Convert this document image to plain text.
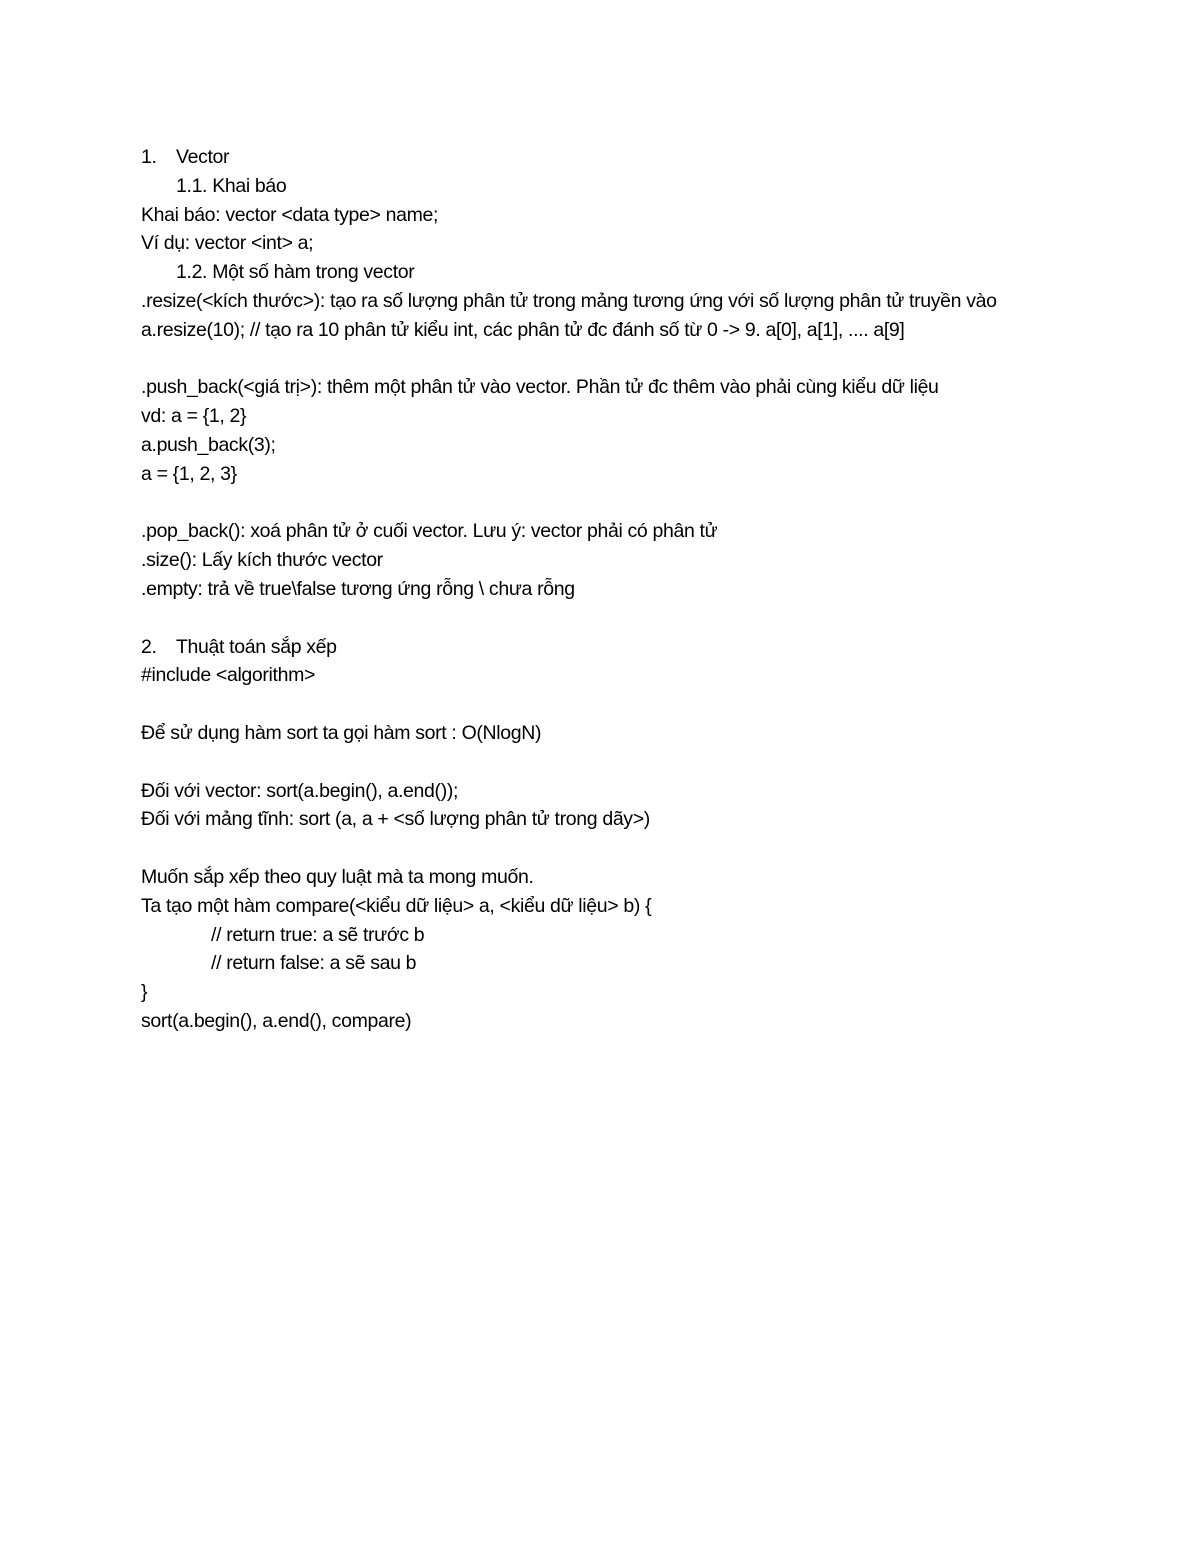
1. Vector
1.1. Khai báo
Khai báo: vector <data type> name;
Ví dụ: vector <int> a;
1.2. Một số hàm trong vector
.resize(<kích thước>): tạo ra số lượng phân tử trong mảng tương ứng với số lượng phân tử truyền vào
a.resize(10); // tạo ra 10 phân tử kiểu int, các phân tử đc đánh số từ 0 -> 9. a[0], a[1], .... a[9]
.push_back(<giá trị>): thêm một phân tử vào vector. Phần tử đc thêm vào phải cùng kiểu dữ liệu
vd: a = {1, 2}
a.push_back(3);
a = {1, 2, 3}
.pop_back(): xoá phân tử ở cuối vector. Lưu ý: vector phải có phân tử
.size(): Lấy kích thước vector
.empty: trả về true\false tương ứng rỗng \ chưa rỗng
2. Thuật toán sắp xếp
#include <algorithm>
Để sử dụng hàm sort ta gọi hàm sort : O(NlogN)
Đối với vector: sort(a.begin(), a.end());
Đối với mảng tĩnh: sort (a, a + <số lượng phân tử trong dãy>)
Muốn sắp xếp theo quy luật mà ta mong muốn.
Ta tạo một hàm compare(<kiểu dữ liệu> a, <kiểu dữ liệu> b) {
// return true: a sẽ trước b
// return false: a sẽ sau b
}
sort(a.begin(), a.end(), compare)
